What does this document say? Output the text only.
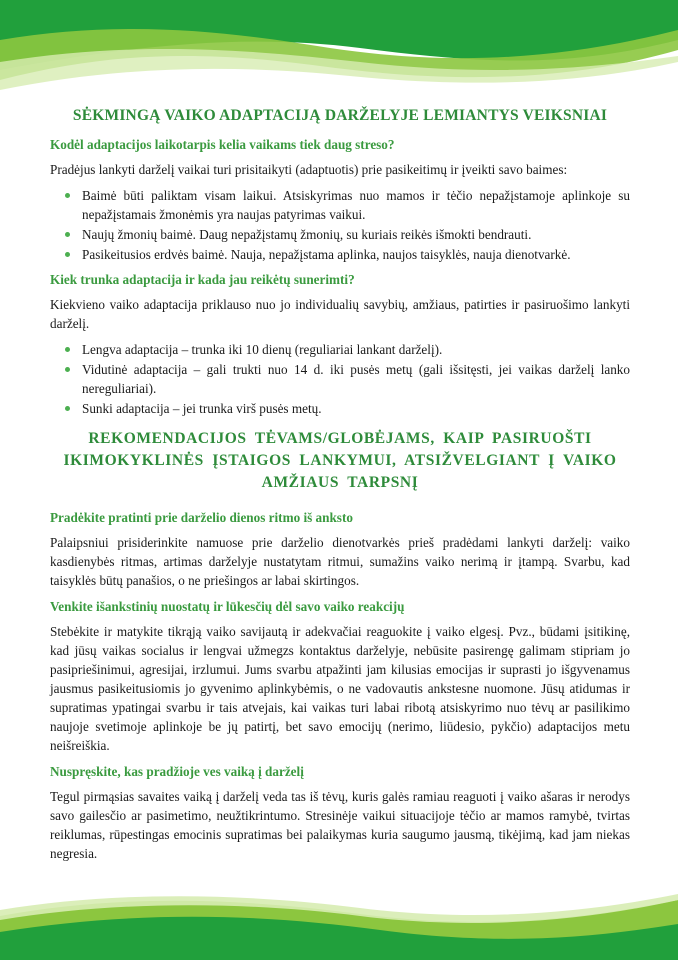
SĖKMINGĄ VAIKO ADAPTACIJĄ DARŽELYJE LEMIANTYS VEIKSNIAI
Kodėl adaptacijos laikotarpis kelia vaikams tiek daug streso?

Pradėjus lankyti darželį vaikai turi prisitaikyti (adaptuotis) prie pasikeitimų ir įveikti savo baimes:

Baimė būti paliktam visam laikui. Atsiskyrimas nuo mamos ir tėčio nepažįstamoje aplinkoje su nepažįstamais žmonėmis yra naujas patyrimas vaikui.
Naujų žmonių baimė. Daug nepažįstamų žmonių, su kuriais reikės išmokti bendrauti.
Pasikeitusios erdvės baimė. Nauja, nepažįstama aplinka, naujos taisyklės, nauja dienotvarkė.
Kiek trunka adaptacija ir kada jau reikėtų sunerimti?

Kiekvieno vaiko adaptacija priklauso nuo jo individualių savybių, amžiaus, patirties ir pasiruošimo lankyti darželį.

Lengva adaptacija – trunka iki 10 dienų (reguliariai lankant darželį).
Vidutinė adaptacija – gali trukti nuo 14 d. iki pusės metų (gali išsitęsti, jei vaikas darželį lanko nereguliariai).
Sunki adaptacija – jei trunka virš pusės metų.
REKOMENDACIJOS TĖVAMS/GLOBĖJAMS, KAIP PASIRUOŠTI IKIMOKYKLINĖS ĮSTAIGOS LANKYMUI, ATSIŽVELGIANT Į VAIKO AMŽIAUS TARPSNĮ
Pradėkite pratinti prie darželio dienos ritmo iš anksto

Palaipsniui prisiderinkite namuose prie darželio dienotvarkės prieš pradėdami lankyti darželį: vaiko kasdienybės ritmas, artimas darželyje nustatytam ritmui, sumažins vaiko nerimą ir įtampą. Svarbu, kad taisyklės būtų panašios, o ne priešingos ar labai skirtingos.

Venkite išankstinių nuostatų ir lūkesčių dėl savo vaiko reakcijų

Stebėkite ir matykite tikrąją vaiko savijautą ir adekvačiai reaguokite į vaiko elgesį. Pvz., būdami įsitikinę, kad jūsų vaikas socialus ir lengvai užmegzs kontaktus darželyje, nebūsite pasirengę galimam stipriam jo pasipriešinimui, agresijai, irzlumui. Jums svarbu atpažinti jam kilusias emocijas ir suprasti jo išgyvenamus jausmus pasikeitusiomis jo gyvenimo aplinkybėmis, o ne vadovautis ankstesne nuomone. Jūsų atidumas ir supratimas ypatingai svarbu ir tais atvejais, kai vaikas turi labai ribotą atsiskyrimo nuo tėvų ar pasilikimo naujoje svetimoje aplinkoje be jų patirtį, bet savo emocijų (nerimo, liūdesio, pykčio) adaptacijos metu neišreiškia.

Nuspręskite, kas pradžioje ves vaiką į darželį

Tegul pirmąsias savaites vaiką į darželį veda tas iš tėvų, kuris galės ramiau reaguoti į vaiko ašaras ir nerodys savo gailesčio ar pasimetimo, neužtikrintumo. Stresinėje vaikui situacijoje tėčio ar mamos ramybė, tvirtas reiklumas, rūpestingas emocinis supratimas bei palaikymas kuria saugumo jausmą, tikėjimą, kad jam niekas negresia.
